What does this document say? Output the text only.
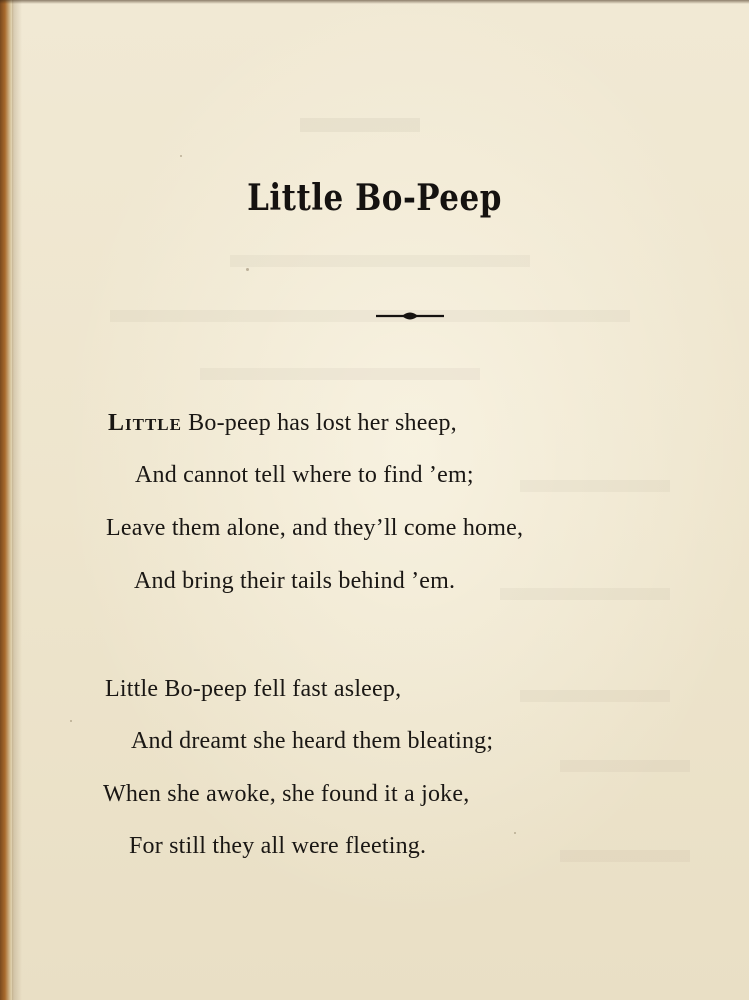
Little Bo-Peep
Little Bo-peep has lost her sheep,
And cannot tell where to find ’em;
Leave them alone, and they’ll come home,
And bring their tails behind ’em.
Little Bo-peep fell fast asleep,
And dreamt she heard them bleating;
When she awoke, she found it a joke,
For still they all were fleeting.
